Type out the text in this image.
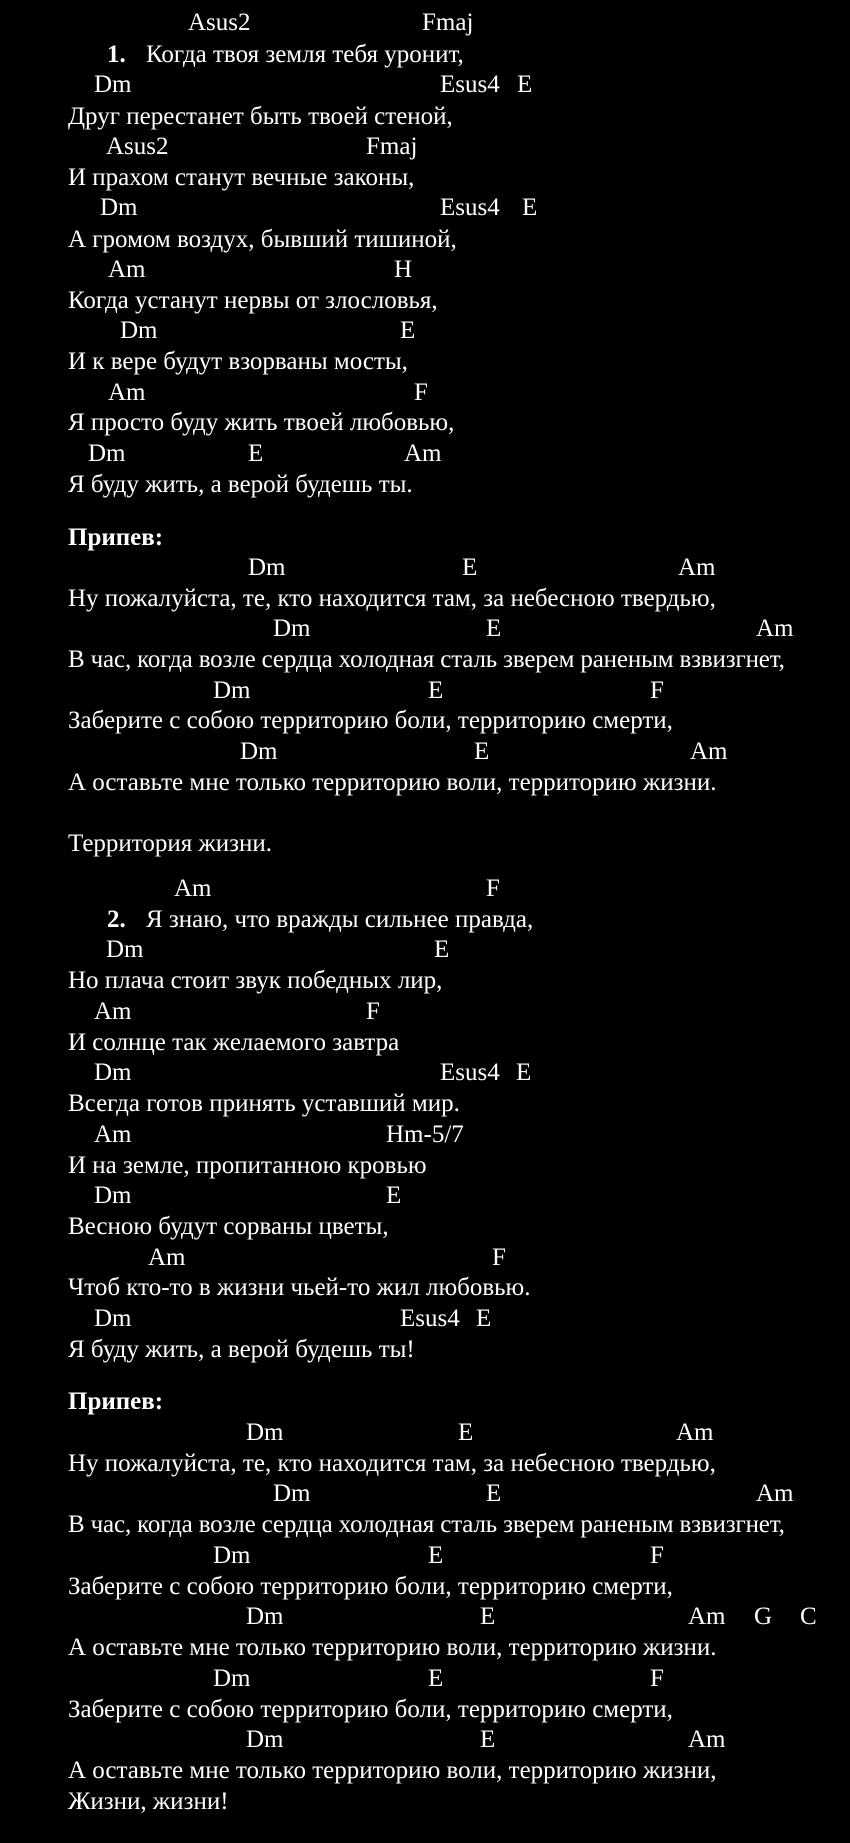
Asus2	Fmaj
1. Когда твоя земля тебя уронит,
Dm	Esus4 E
Друг перестанет быть твоей стеной,
Asus2	Fmaj
И прахом станут вечные законы,
Dm	Esus4 E
А громом воздух, бывший тишиной,
Am	H
Когда устанут нервы от злословья,
Dm	E
И к вере будут взорваны мосты,
Am	F
Я просто буду жить твоей любовью,
Dm	E	Am
Я буду жить, а верой будешь ты.
Припев:
Dm	E	Am
Ну пожалуйста, те, кто находится там, за небесною твердью,
Dm	E	Am
В час, когда возле сердца холодная сталь зверем раненым взвизгнет,
Dm	E	F
Заберите с собою территорию боли, территорию смерти,
Dm	E	Am
А оставьте мне только территорию воли, территорию жизни.
Территория жизни.
Am	F
2. Я знаю, что вражды сильнее правда,
Dm	E
Но плача стоит звук победных лир,
Am	F
И солнце так желаемого завтра
Dm	Esus4 E
Всегда готов принять уставший мир.
Am	Hm-5/7
И на земле, пропитанною кровью
Dm	E
Весною будут сорваны цветы,
Am	F
Чтоб кто-то в жизни чьей-то жил любовью.
Dm	Esus4 E
Я буду жить, а верой будешь ты!
Припев:
Dm	E	Am
Ну пожалуйста, те, кто находится там, за небесною твердью,
Dm	E	Am
В час, когда возле сердца холодная сталь зверем раненым взвизгнет,
Dm	E	F
Заберите с собою территорию боли, территорию смерти,
Dm	E	Am G C
А оставьте мне только территорию воли, территорию жизни.
Dm	E	F
Заберите с собою территорию боли, территорию смерти,
Dm	E	Am
А оставьте мне только территорию воли, территорию жизни,
Жизни, жизни!
